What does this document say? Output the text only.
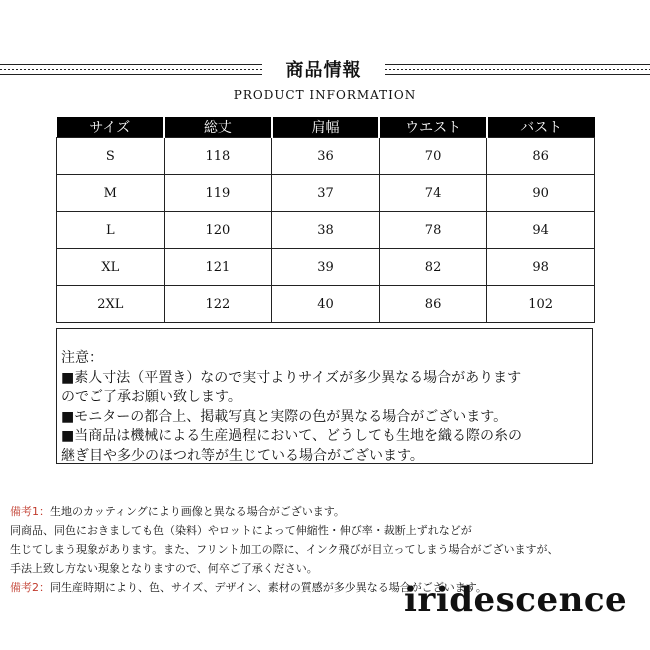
商品情報
PRODUCT INFORMATION
サイズ	総丈	肩幅	ウエスト	バスト
S	118	36	70	86
M	119	37	74	90
L	120	38	78	94
XL	121	39	82	98
2XL	122	40	86	102
注意：
■素人寸法（平置き）なので実寸よりサイズが多少異なる場合があります
のでご了承お願い致します。
■モニターの都合上、掲載写真と実際の色が異なる場合がございます。
■当商品は機械による生産過程において、どうしても生地を織る際の糸の
継ぎ目や多少のほつれ等が生じている場合がございます。
備考1：生地のカッティングにより画像と異なる場合がございます。
同商品、同色におきましても色（染料）やロットによって伸縮性・伸び率・裁断上ずれなどが
生じてしまう現象があります。また、フリント加工の際に、インク飛びが目立ってしまう場合がございますが、
手法上致し方ない現象となりますので、何卒ご了承ください。
備考2：同生産時期により、色、サイズ、デザイン、素材の質感が多少異なる場合がございます。
iridescence
